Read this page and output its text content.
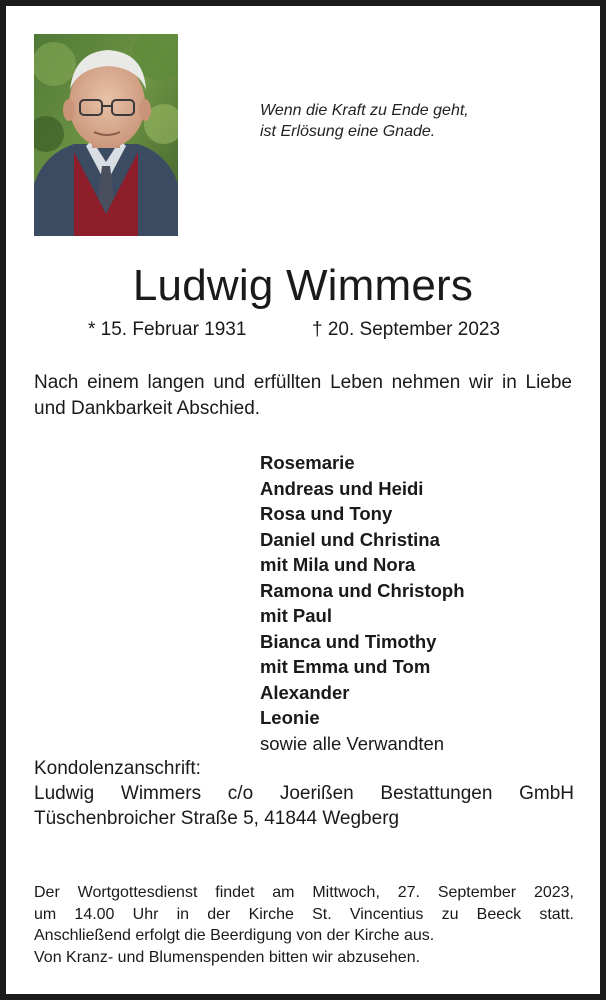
Wenn die Kraft zu Ende geht,
ist Erlösung eine Gnade.
Ludwig Wimmers
* 15. Februar 1931	† 20. September 2023
Nach einem langen und erfüllten Leben nehmen wir in Liebe und Dankbarkeit Abschied.
Rosemarie
Andreas und Heidi
Rosa und Tony
Daniel und Christina
mit Mila und Nora
Ramona und Christoph
mit Paul
Bianca und Timothy
mit Emma und Tom
Alexander
Leonie
sowie alle Verwandten
Kondolenzanschrift:
Ludwig Wimmers c/o Joerißen Bestattungen GmbH
Tüschenbroicher Straße 5, 41844 Wegberg
Der Wortgottesdienst findet am Mittwoch, 27. September 2023,
um 14.00 Uhr in der Kirche St. Vincentius zu Beeck statt.
Anschließend erfolgt die Beerdigung von der Kirche aus.
Von Kranz- und Blumenspenden bitten wir abzusehen.
